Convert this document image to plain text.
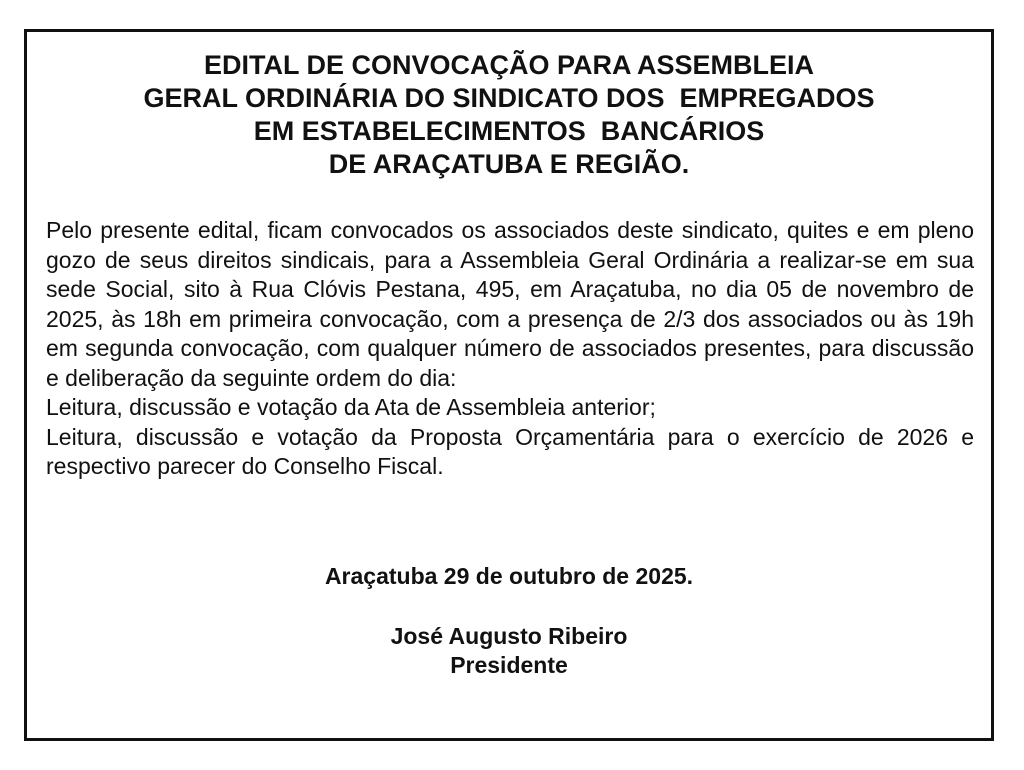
EDITAL DE CONVOCAÇÃO PARA ASSEMBLEIA
GERAL ORDINÁRIA DO SINDICATO DOS  EMPREGADOS
EM ESTABELECIMENTOS  BANCÁRIOS
DE ARAÇATUBA E REGIÃO.

Pelo presente edital, ficam convocados os associados deste sindicato, quites e em pleno gozo de seus direitos sindicais, para a Assembleia Geral Ordinária a realizar-se em sua sede Social, sito à Rua Clóvis Pestana, 495, em Araçatuba, no dia 05 de novembro de 2025, às 18h em primeira convocação, com a presença de 2/3 dos associados ou às 19h em segunda convocação, com qualquer número de associados presentes, para discussão e deliberação da seguinte ordem do dia:

Leitura, discussão e votação da Ata de Assembleia anterior;

Leitura, discussão e votação da Proposta Orçamentária para o exercício de 2026 e respectivo parecer do Conselho Fiscal.

Araçatuba 29 de outubro de 2025.

José Augusto Ribeiro
Presidente
